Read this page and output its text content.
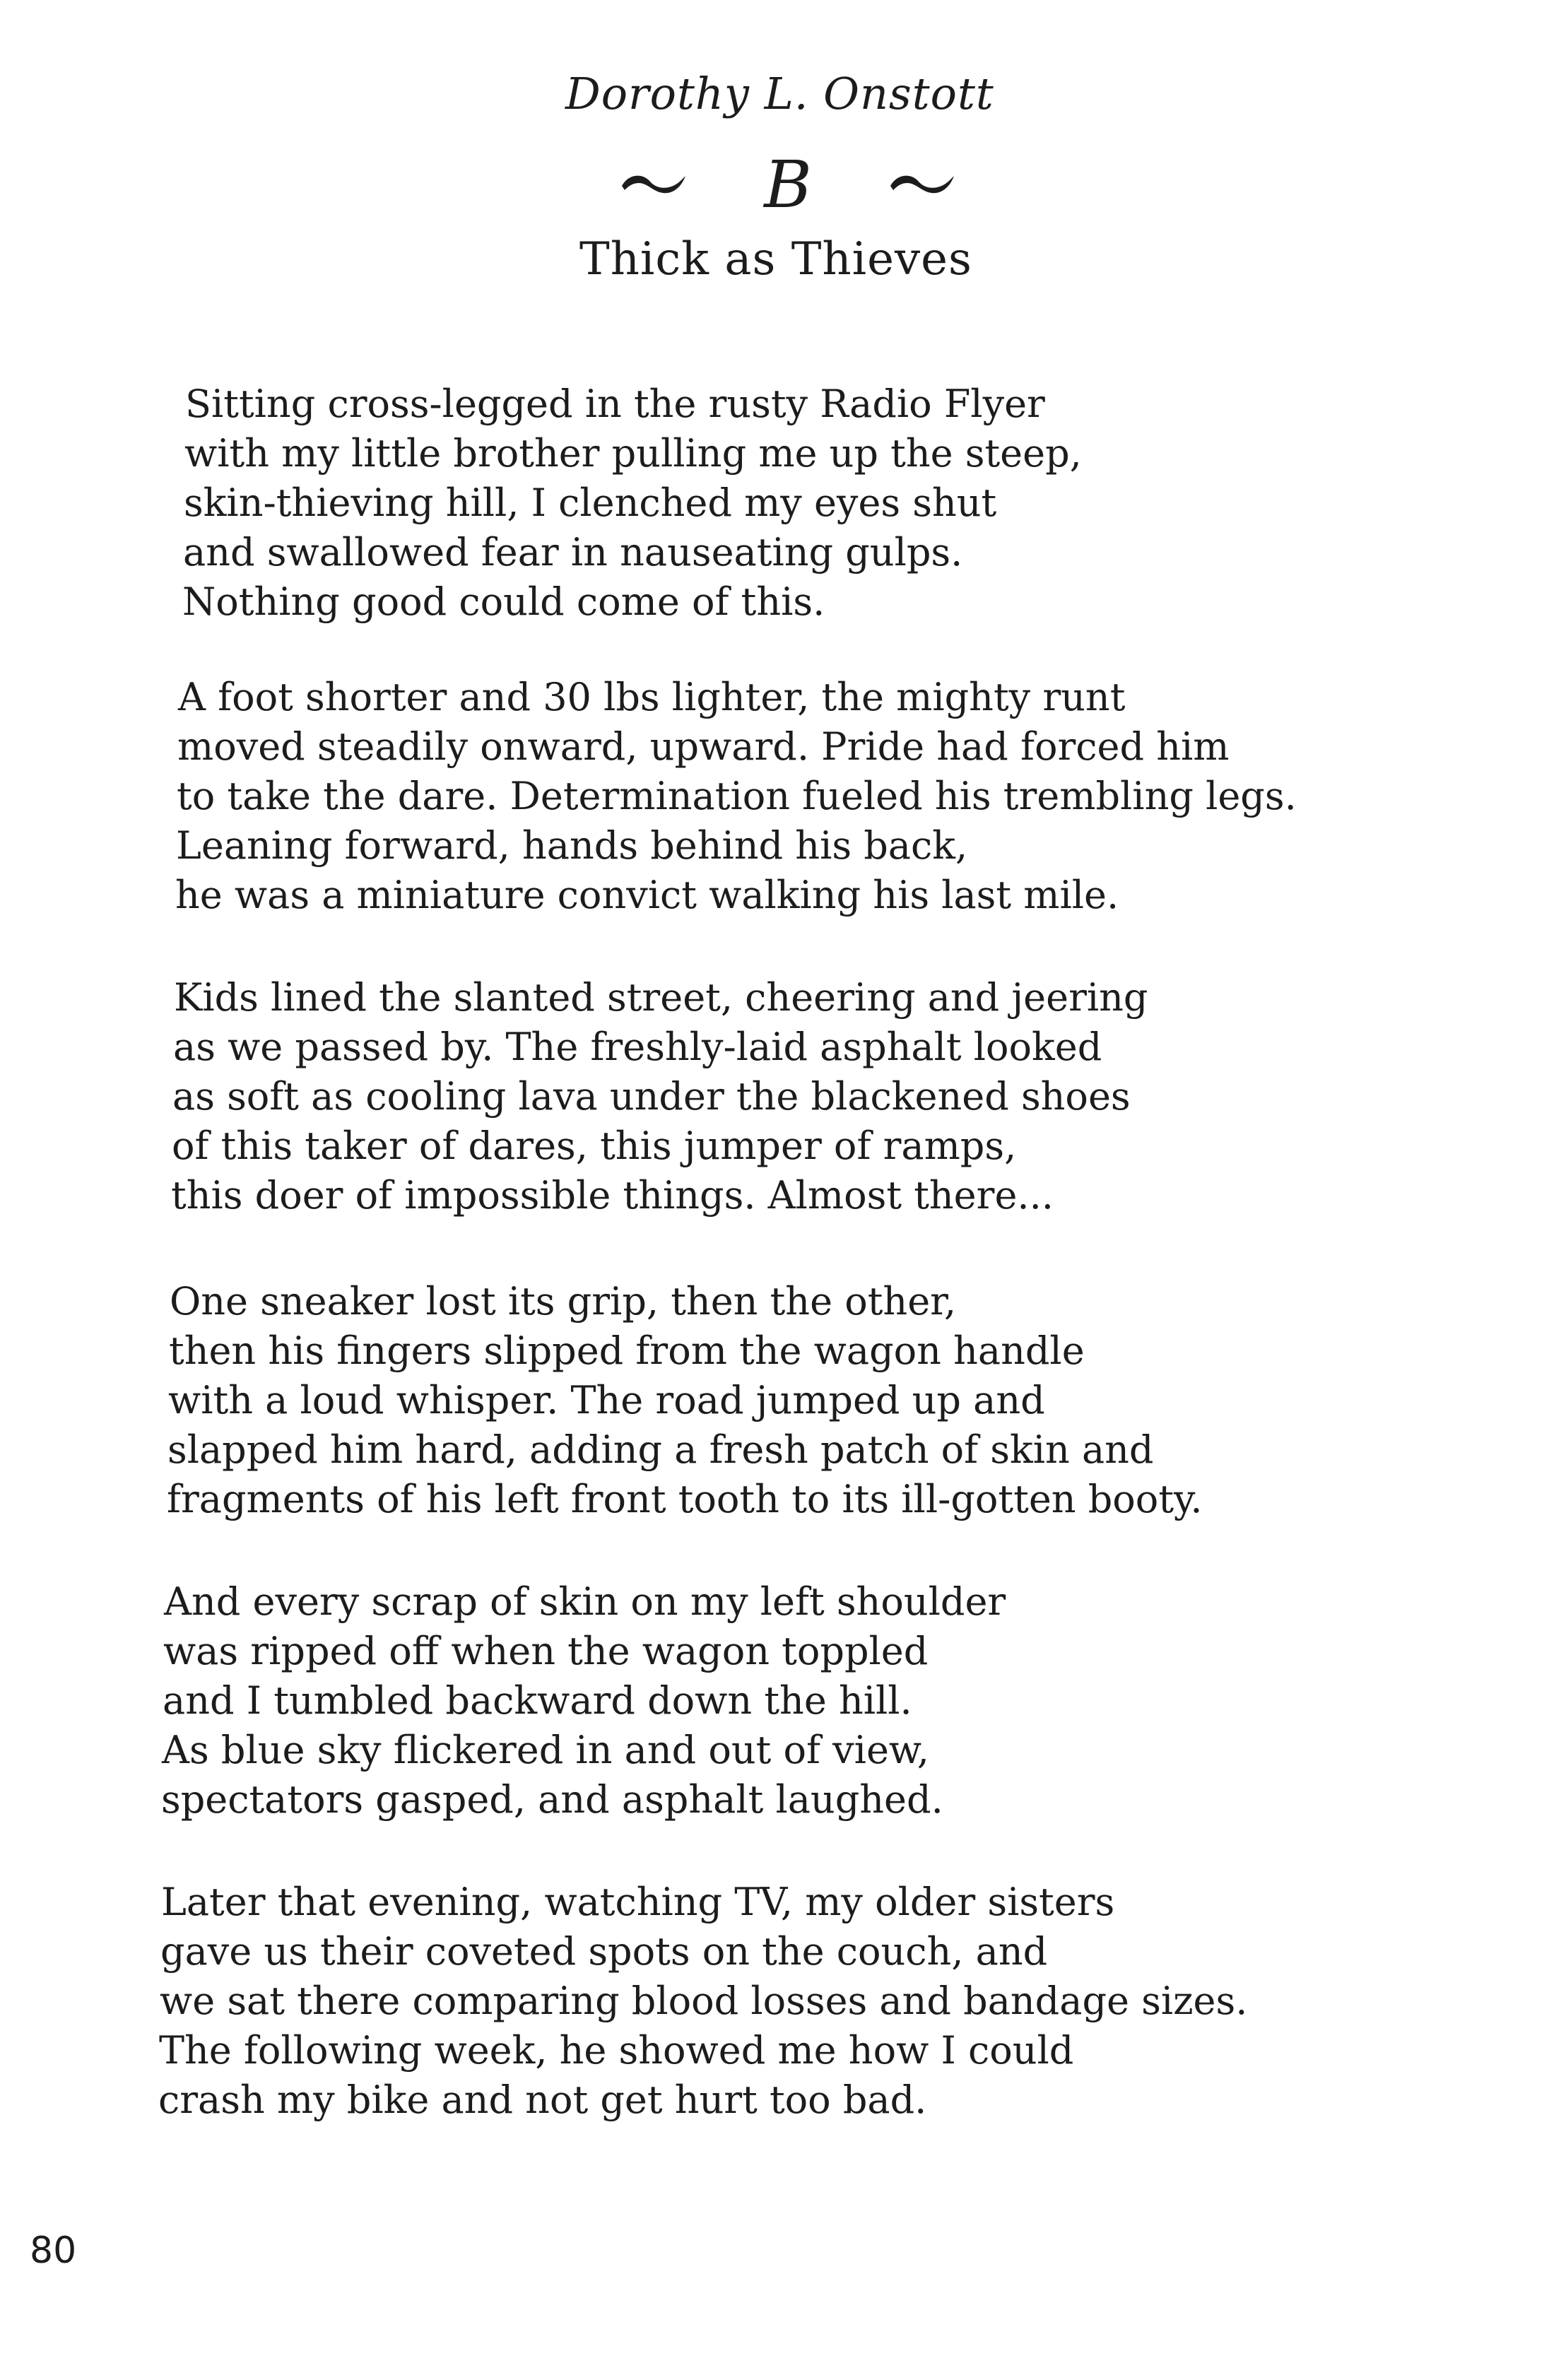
Dorothy L. Onstott
B
Thick as Thieves
Sitting cross-legged in the rusty Radio Flyer
with my little brother pulling me up the steep,
skin-thieving hill, I clenched my eyes shut
and swallowed fear in nauseating gulps.
Nothing good could come of this.
A foot shorter and 30 lbs lighter, the mighty runt
moved steadily onward, upward. Pride had forced him
to take the dare. Determination fueled his trembling legs.
Leaning forward, hands behind his back,
he was a miniature convict walking his last mile.
Kids lined the slanted street, cheering and jeering
as we passed by. The freshly-laid asphalt looked
as soft as cooling lava under the blackened shoes
of this taker of dares, this jumper of ramps,
this doer of impossible things. Almost there...
One sneaker lost its grip, then the other,
then his fingers slipped from the wagon handle
with a loud whisper. The road jumped up and
slapped him hard, adding a fresh patch of skin and
fragments of his left front tooth to its ill-gotten booty.
And every scrap of skin on my left shoulder
was ripped off when the wagon toppled
and I tumbled backward down the hill.
As blue sky flickered in and out of view,
spectators gasped, and asphalt laughed.
Later that evening, watching TV, my older sisters
gave us their coveted spots on the couch, and
we sat there comparing blood losses and bandage sizes.
The following week, he showed me how I could
crash my bike and not get hurt too bad.
80
